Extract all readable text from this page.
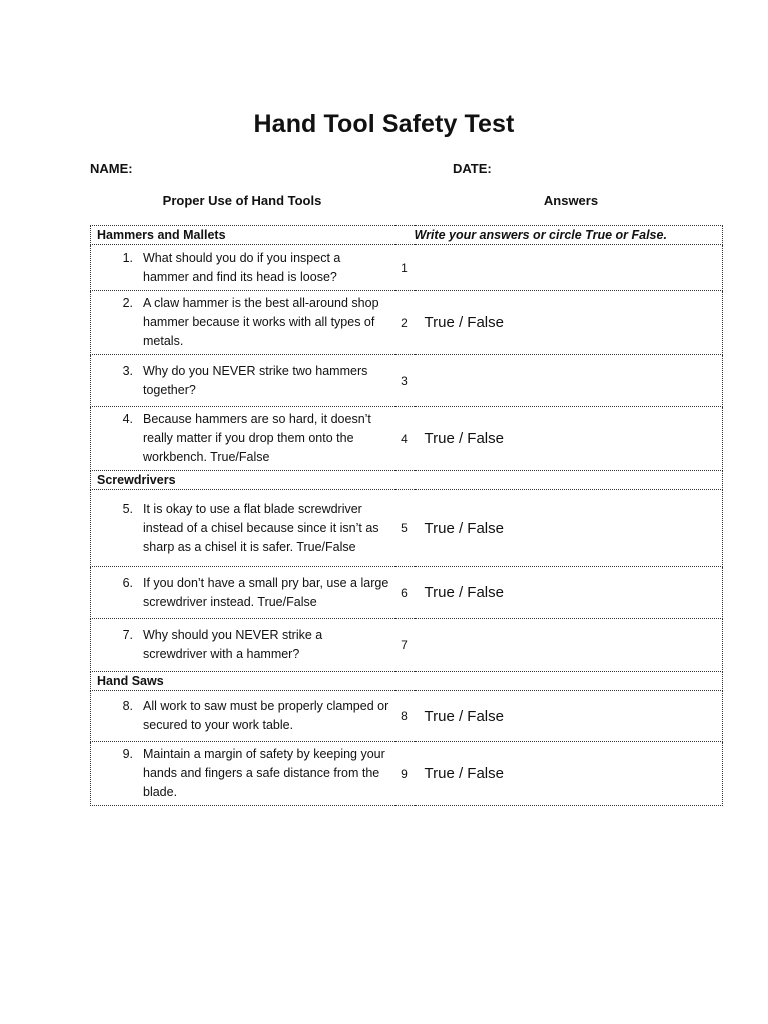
Hand Tool Safety Test
NAME:	DATE:
Proper Use of Hand Tools	Answers
Hammers and Mallets		Write your answers or circle True or False.

1. What should you do if you inspect a hammer and find its head is loose?	1	

2. A claw hammer is the best all-around shop hammer because it works with all types of metals.	2	True / False

3. Why do you NEVER strike two hammers together?	3	

4. Because hammers are so hard, it doesn’t really matter if you drop them onto the workbench. True/False	4	True / False
Screwdrivers		

5. It is okay to use a flat blade screwdriver instead of a chisel because since it isn’t as sharp as a chisel it is safer. True/False	5	True / False

6. If you don’t have a small pry bar, use a large screwdriver instead. True/False	6	True / False

7. Why should you NEVER strike a screwdriver with a hammer?	7	
Hand Saws		

8. All work to saw must be properly clamped or secured to your work table.	8	True / False

9. Maintain a margin of safety by keeping your hands and fingers a safe distance from the blade.	9	True / False
